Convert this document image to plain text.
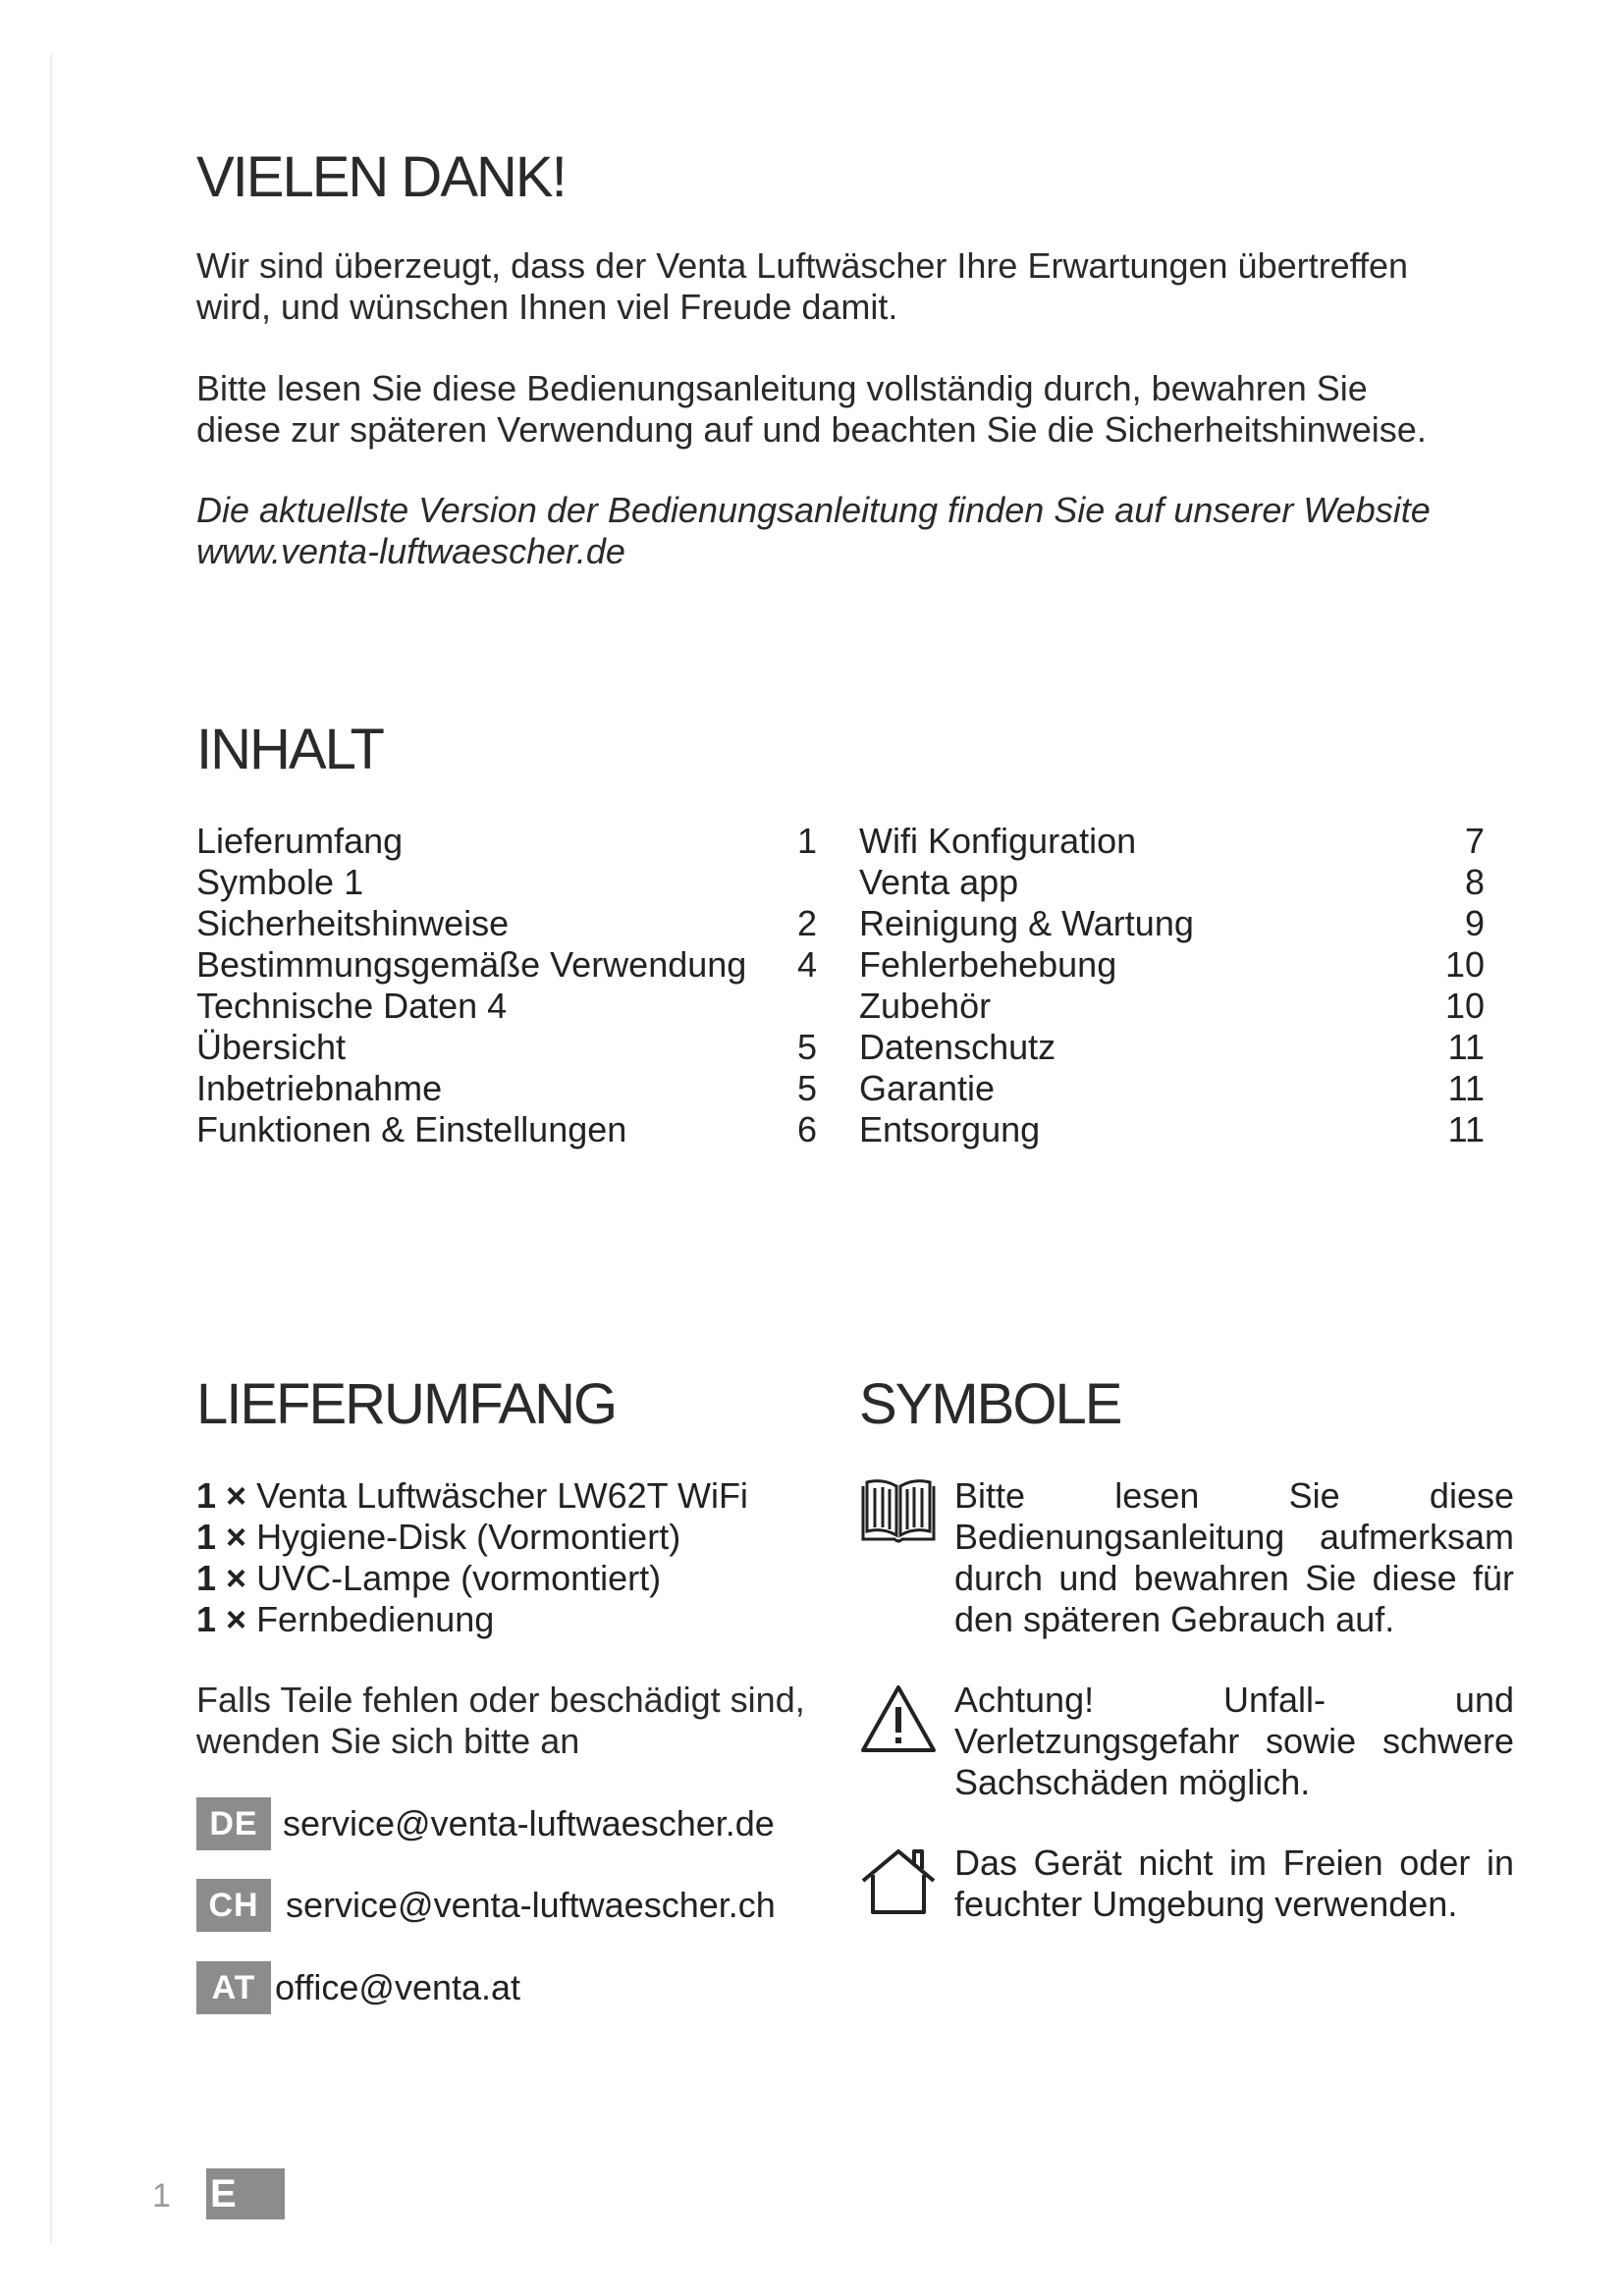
VIELEN DANK!

Wir sind überzeugt, dass der Venta Luftwäscher Ihre Erwartungen übertreffen

wird, und wünschen Ihnen viel Freude damit.

Bitte lesen Sie diese Bedienungsanleitung vollständig durch, bewahren Sie

diese zur späteren Verwendung auf und beachten Sie die Sicherheitshinweise.

Die aktuellste Version der Bedienungsanleitung finden Sie auf unserer Website

www.venta-luftwaescher.de

INHALT
Lieferumfang	1
Symbole 1
Sicherheitshinweise	2
Bestimmungsgemäße Verwendung 4
Technische Daten 4
Übersicht	5
Inbetriebnahme	5
Funktionen & Einstellungen	6
Wifi Konfiguration	7
Venta app	8
Reinigung & Wartung	9
Fehlerbehebung	10
Zubehör	10
Datenschutz	11
Garantie	11
Entsorgung	11
LIEFERUMFANG
1 × Venta Luftwäscher LW62T WiFi
1 × Hygiene-Disk (Vormontiert)
1 × UVC-Lampe (vormontiert)
1 × Fernbedienung

Falls Teile fehlen oder beschädigt sind,

wenden Sie sich bitte an

DE service@venta-luftwaescher.de
CH service@venta-luftwaescher.ch
AT office@venta.at
SYMBOLE
Bitte lesen Sie diese Bedienungsanleitung aufmerksam durch und bewahren Sie diese für den späteren Gebrauch auf.
Achtung! Unfall- und Verletzungsgefahr sowie schwere Sachschäden möglich.
Das Gerät nicht im Freien oder in feuchter Umgebung verwenden.
1 E
